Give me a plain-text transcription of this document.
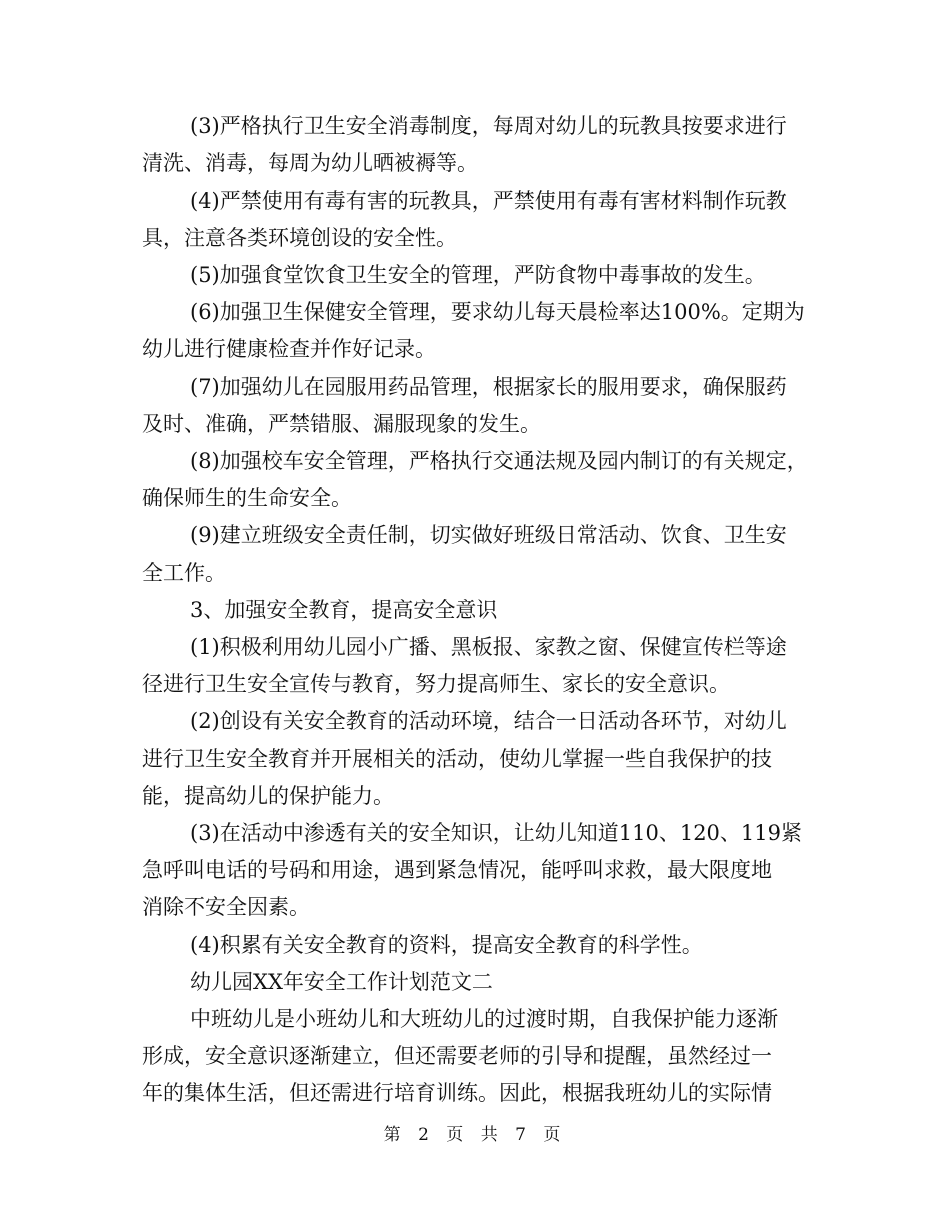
(3)严格执行卫生安全消毒制度，每周对幼儿的玩教具按要求进行
清洗、消毒，每周为幼儿晒被褥等。
(4)严禁使用有毒有害的玩教具，严禁使用有毒有害材料制作玩教
具，注意各类环境创设的安全性。
(5)加强食堂饮食卫生安全的管理，严防食物中毒事故的发生。
(6)加强卫生保健安全管理，要求幼儿每天晨检率达100%。定期为
幼儿进行健康检查并作好记录。
(7)加强幼儿在园服用药品管理，根据家长的服用要求，确保服药
及时、准确，严禁错服、漏服现象的发生。
(8)加强校车安全管理，严格执行交通法规及园内制订的有关规定，
确保师生的生命安全。
(9)建立班级安全责任制，切实做好班级日常活动、饮食、卫生安
全工作。
3、加强安全教育，提高安全意识
(1)积极利用幼儿园小广播、黑板报、家教之窗、保健宣传栏等途
径进行卫生安全宣传与教育，努力提高师生、家长的安全意识。
(2)创设有关安全教育的活动环境，结合一日活动各环节，对幼儿
进行卫生安全教育并开展相关的活动，使幼儿掌握一些自我保护的技
能，提高幼儿的保护能力。
(3)在活动中渗透有关的安全知识，让幼儿知道110、120、119紧
急呼叫电话的号码和用途，遇到紧急情况，能呼叫求救，最大限度地
消除不安全因素。
(4)积累有关安全教育的资料，提高安全教育的科学性。
幼儿园XX年安全工作计划范文二
中班幼儿是小班幼儿和大班幼儿的过渡时期，自我保护能力逐渐
形成，安全意识逐渐建立，但还需要老师的引导和提醒，虽然经过一
年的集体生活，但还需进行培育训练。因此，根据我班幼儿的实际情
第 2 页 共 7 页
